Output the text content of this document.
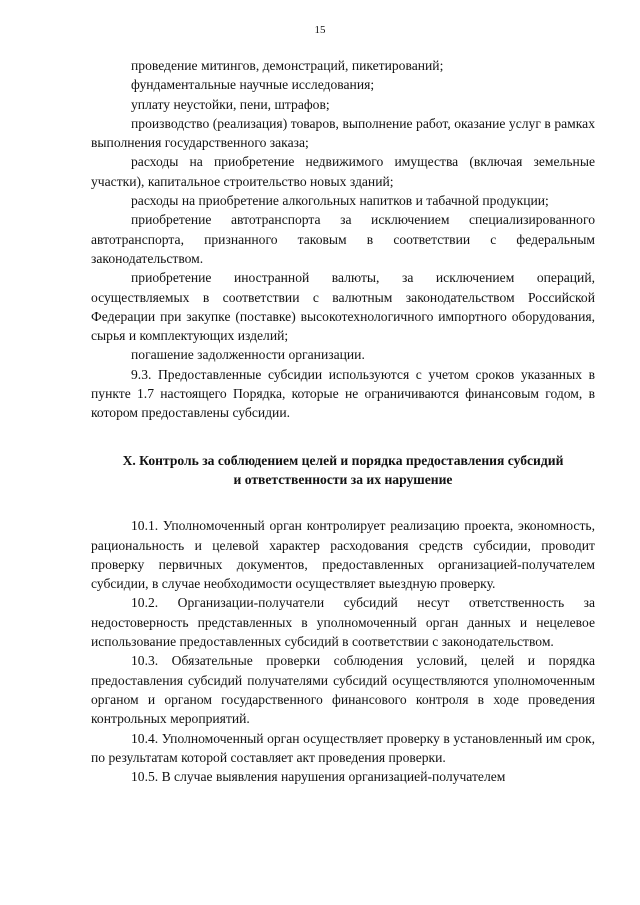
15

проведение митингов, демонстраций, пикетирований;

фундаментальные научные исследования;

уплату неустойки, пени, штрафов;

производство (реализация) товаров, выполнение работ, оказание услуг в рамках выполнения государственного заказа;

расходы на приобретение недвижимого имущества (включая земельные участки), капитальное строительство новых зданий;

расходы на приобретение алкогольных напитков и табачной продукции;

приобретение автотранспорта за исключением специализированного автотранспорта, признанного таковым в соответствии с федеральным законодательством.

приобретение иностранной валюты, за исключением операций, осуществляемых в соответствии с валютным законодательством Российской Федерации при закупке (поставке) высокотехнологичного импортного оборудования, сырья и комплектующих изделий;

погашение задолженности организации.

9.3. Предоставленные субсидии используются с учетом сроков указанных в пункте 1.7 настоящего Порядка, которые не ограничиваются финансовым годом, в котором предоставлены субсидии.

X. Контроль за соблюдением целей и порядка предоставления субсидий
и ответственности за их нарушение

10.1. Уполномоченный орган контролирует реализацию проекта, экономность, рациональность и целевой характер расходования средств субсидии, проводит проверку первичных документов, предоставленных организацией-получателем субсидии, в случае необходимости осуществляет выездную проверку.

10.2. Организации-получатели субсидий несут ответственность за недостоверность представленных в уполномоченный орган данных и нецелевое использование предоставленных субсидий в соответствии с законодательством.

10.3. Обязательные проверки соблюдения условий, целей и порядка предоставления субсидий получателями субсидий осуществляются уполномоченным органом и органом государственного финансового контроля в ходе проведения контрольных мероприятий.

10.4. Уполномоченный орган осуществляет проверку в установленный им срок, по результатам которой составляет акт проведения проверки.

10.5. В случае выявления нарушения организацией-получателем
